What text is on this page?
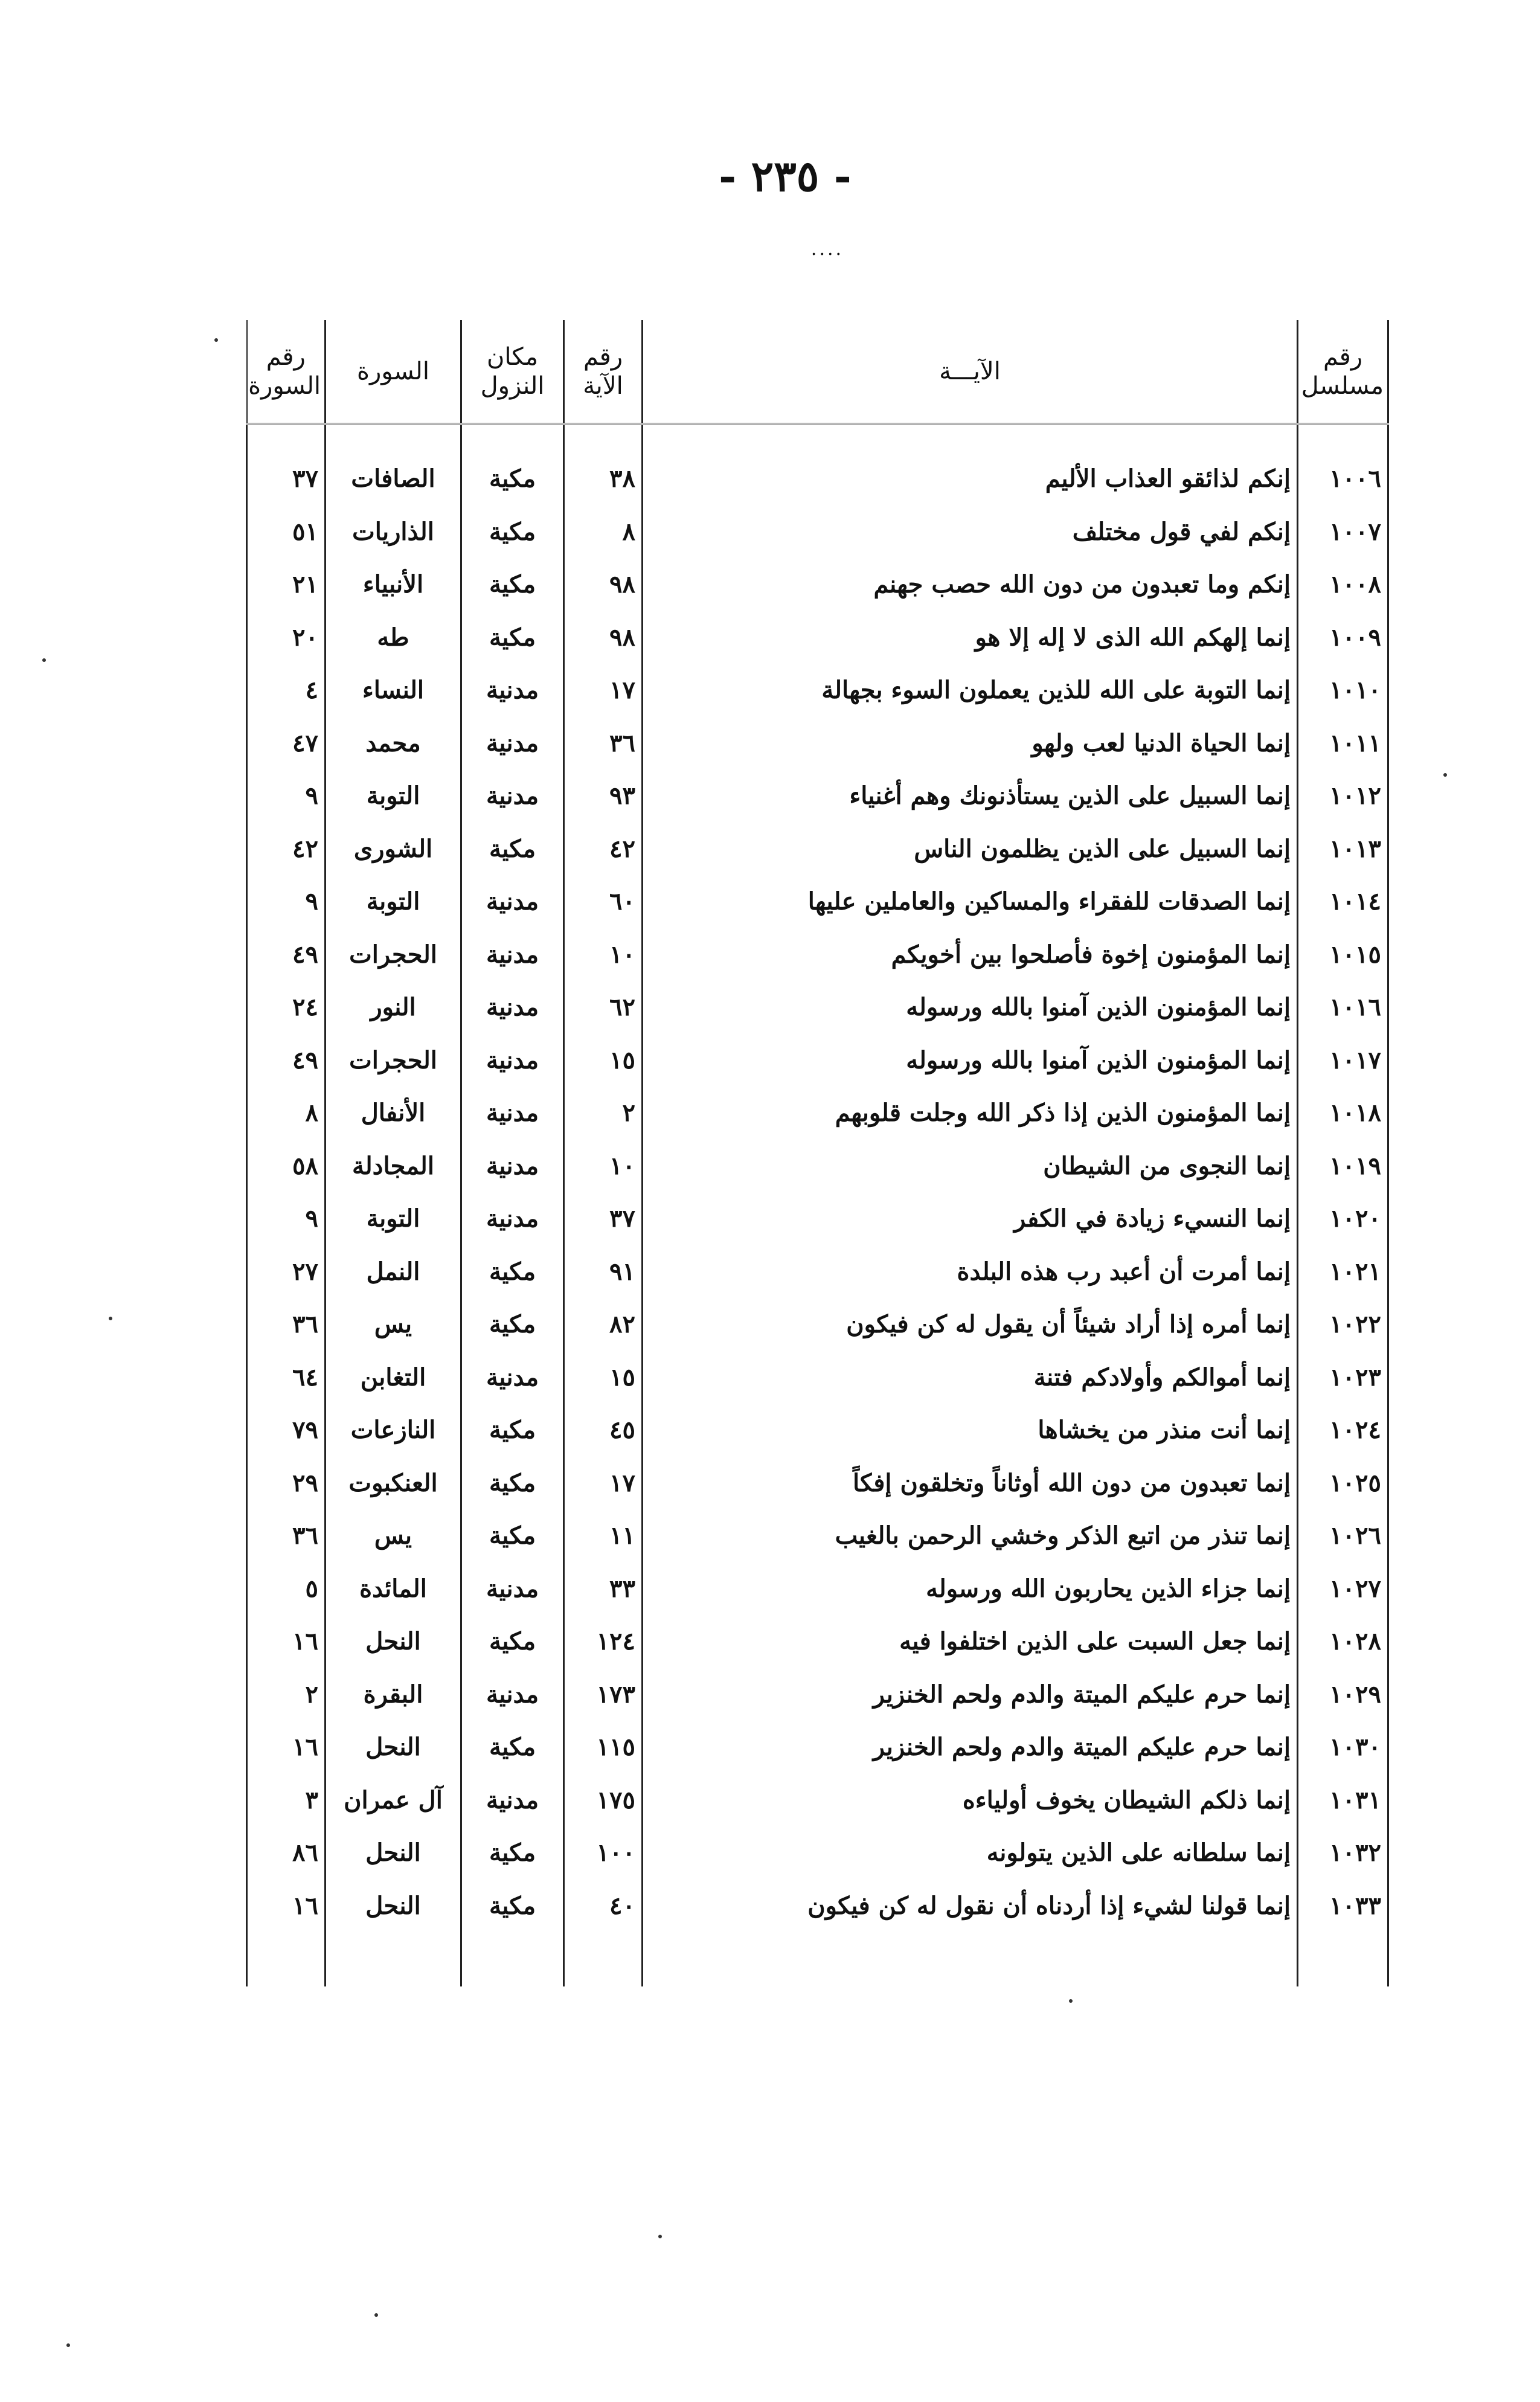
- ٢٣٥ -
....
رقم مسلسل	الآيـــة	رقم الآية	مكان النزول	السورة	رقم السورة

١٠٠٦	إنكم لذائقو العذاب الأليم	٣٨	مكية	الصافات	٣٧
١٠٠٧	إنكم لفي قول مختلف	٨	مكية	الذاريات	٥١
١٠٠٨	إنكم وما تعبدون من دون الله حصب جهنم	٩٨	مكية	الأنبياء	٢١
١٠٠٩	إنما إلهكم الله الذى لا إله إلا هو	٩٨	مكية	طه	٢٠
١٠١٠	إنما التوبة على الله للذين يعملون السوء بجهالة	١٧	مدنية	النساء	٤
١٠١١	إنما الحياة الدنيا لعب ولهو	٣٦	مدنية	محمد	٤٧
١٠١٢	إنما السبيل على الذين يستأذنونك وهم أغنياء	٩٣	مدنية	التوبة	٩
١٠١٣	إنما السبيل على الذين يظلمون الناس	٤٢	مكية	الشورى	٤٢
١٠١٤	إنما الصدقات للفقراء والمساكين والعاملين عليها	٦٠	مدنية	التوبة	٩
١٠١٥	إنما المؤمنون إخوة فأصلحوا بين أخويكم	١٠	مدنية	الحجرات	٤٩
١٠١٦	إنما المؤمنون الذين آمنوا بالله ورسوله	٦٢	مدنية	النور	٢٤
١٠١٧	إنما المؤمنون الذين آمنوا بالله ورسوله	١٥	مدنية	الحجرات	٤٩
١٠١٨	إنما المؤمنون الذين إذا ذكر الله وجلت قلوبهم	٢	مدنية	الأنفال	٨
١٠١٩	إنما النجوى من الشيطان	١٠	مدنية	المجادلة	٥٨
١٠٢٠	إنما النسيء زيادة في الكفر	٣٧	مدنية	التوبة	٩
١٠٢١	إنما أمرت أن أعبد رب هذه البلدة	٩١	مكية	النمل	٢٧
١٠٢٢	إنما أمره إذا أراد شيئاً أن يقول له كن فيكون	٨٢	مكية	يس	٣٦
١٠٢٣	إنما أموالكم وأولادكم فتنة	١٥	مدنية	التغابن	٦٤
١٠٢٤	إنما أنت منذر من يخشاها	٤٥	مكية	النازعات	٧٩
١٠٢٥	إنما تعبدون من دون الله أوثاناً وتخلقون إفكاً	١٧	مكية	العنكبوت	٢٩
١٠٢٦	إنما تنذر من اتبع الذكر وخشي الرحمن بالغيب	١١	مكية	يس	٣٦
١٠٢٧	إنما جزاء الذين يحاربون الله ورسوله	٣٣	مدنية	المائدة	٥
١٠٢٨	إنما جعل السبت على الذين اختلفوا فيه	١٢٤	مكية	النحل	١٦
١٠٢٩	إنما حرم عليكم الميتة والدم ولحم الخنزير	١٧٣	مدنية	البقرة	٢
١٠٣٠	إنما حرم عليكم الميتة والدم ولحم الخنزير	١١٥	مكية	النحل	١٦
١٠٣١	إنما ذلكم الشيطان يخوف أولياءه	١٧٥	مدنية	آل عمران	٣
١٠٣٢	إنما سلطانه على الذين يتولونه	١٠٠	مكية	النحل	٨٦
١٠٣٣	إنما قولنا لشيء إذا أردناه أن نقول له كن فيكون	٤٠	مكية	النحل	١٦
